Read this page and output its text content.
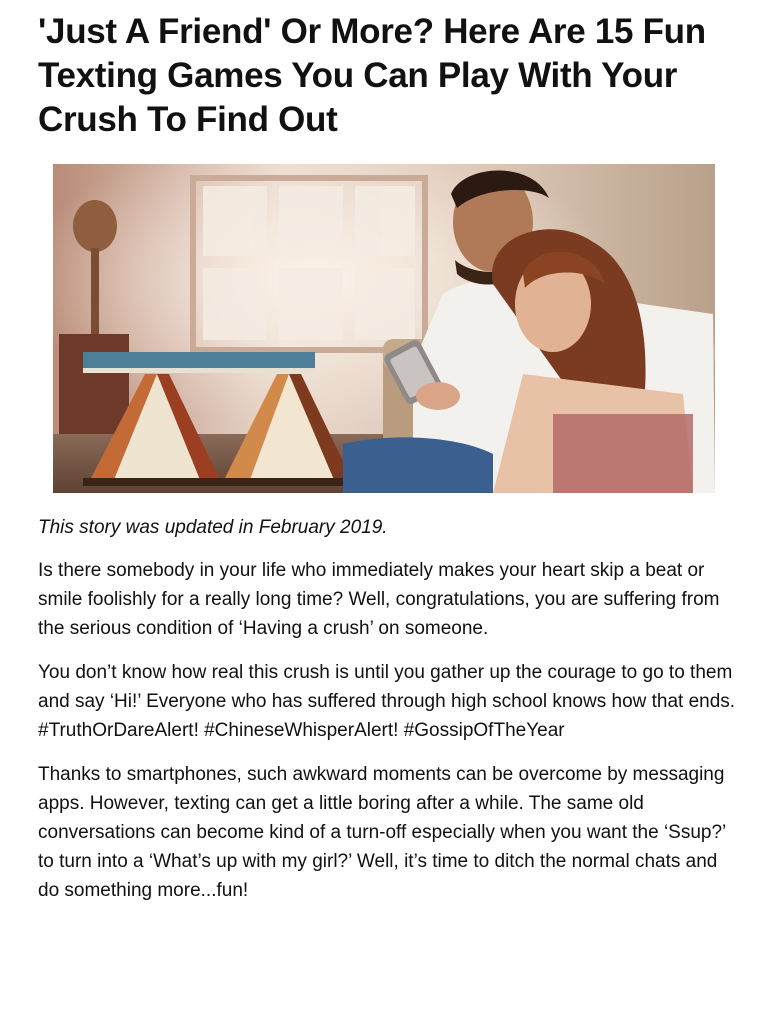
'Just A Friend' Or More? Here Are 15 Fun Texting Games You Can Play With Your Crush To Find Out

This story was updated in February 2019.

Is there somebody in your life who immediately makes your heart skip a beat or smile foolishly for a really long time? Well, congratulations, you are suffering from the serious condition of ‘Having a crush’ on someone.

You don’t know how real this crush is until you gather up the courage to go to them and say ‘Hi!’ Everyone who has suffered through high school knows how that ends. #TruthOrDareAlert! #ChineseWhisperAlert! #GossipOfTheYear

Thanks to smartphones, such awkward moments can be overcome by messaging apps. However, texting can get a little boring after a while. The same old conversations can become kind of a turn-off especially when you want the ‘Ssup?’ to turn into a ‘What’s up with my girl?’ Well, it’s time to ditch the normal chats and do something more...fun!
